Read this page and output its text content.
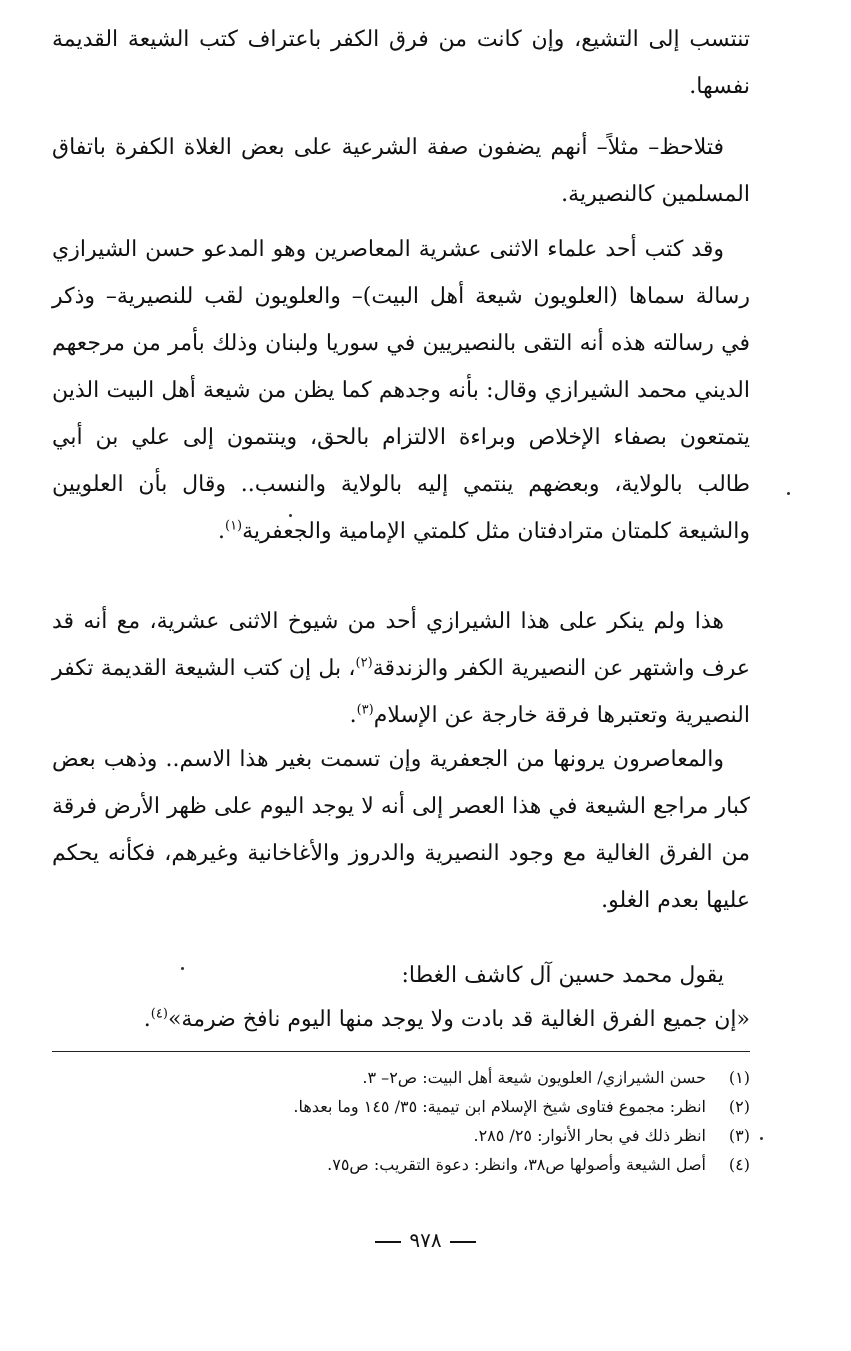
تنتسب إلى التشيع، وإن كانت من فرق الكفر باعتراف كتب الشيعة القديمة نفسها.

فتلاحظ– مثلاً– أنهم يضفون صفة الشرعية على بعض الغلاة الكفرة باتفاق المسلمين كالنصيرية.

وقد كتب أحد علماء الاثنى عشرية المعاصرين وهو المدعو حسن الشيرازي رسالة سماها (العلويون شيعة أهل البيت)– والعلويون لقب للنصيرية– وذكر في رسالته هذه أنه التقى بالنصيريين في سوريا ولبنان وذلك بأمر من مرجعهم الديني محمد الشيرازي وقال: بأنه وجدهم كما يظن من شيعة أهل البيت الذين يتمتعون بصفاء الإخلاص وبراءة الالتزام بالحق، وينتمون إلى علي بن أبي طالب بالولاية، وبعضهم ينتمي إليه بالولاية والنسب.. وقال بأن العلويين والشيعة كلمتان مترادفتان مثل كلمتي الإمامية والجعفرية$^{(١)}$.

هذا ولم ينكر على هذا الشيرازي أحد من شيوخ الاثنى عشرية، مع أنه قد عرف واشتهر عن النصيرية الكفر والزندقة$^{(٢)}$، بل إن كتب الشيعة القديمة تكفر النصيرية وتعتبرها فرقة خارجة عن الإسلام$^{(٣)}$.

والمعاصرون يرونها من الجعفرية وإن تسمت بغير هذا الاسم.. وذهب بعض كبار مراجع الشيعة في هذا العصر إلى أنه لا يوجد اليوم على ظهر الأرض فرقة من الفرق الغالية مع وجود النصيرية والدروز والأغاخانية وغيرهم، فكأنه يحكم عليها بعدم الغلو.

يقول محمد حسين آل كاشف الغطا:

«إن جميع الفرق الغالية قد بادت ولا يوجد منها اليوم نافخ ضرمة»$^{(٤)}$.

(١)
حسن الشيرازي/ العلويون شيعة أهل البيت: ص٢– ٣.
(٢)
انظر: مجموع فتاوى شيخ الإسلام ابن تيمية: ٣٥/ ١٤٥ وما بعدها.
(٣)
انظر ذلك في بحار الأنوار: ٢٥/ ٢٨٥.
(٤)
أصل الشيعة وأصولها ص٣٨، وانظر: دعوة التقريب: ص٧٥.
٩٧٨
